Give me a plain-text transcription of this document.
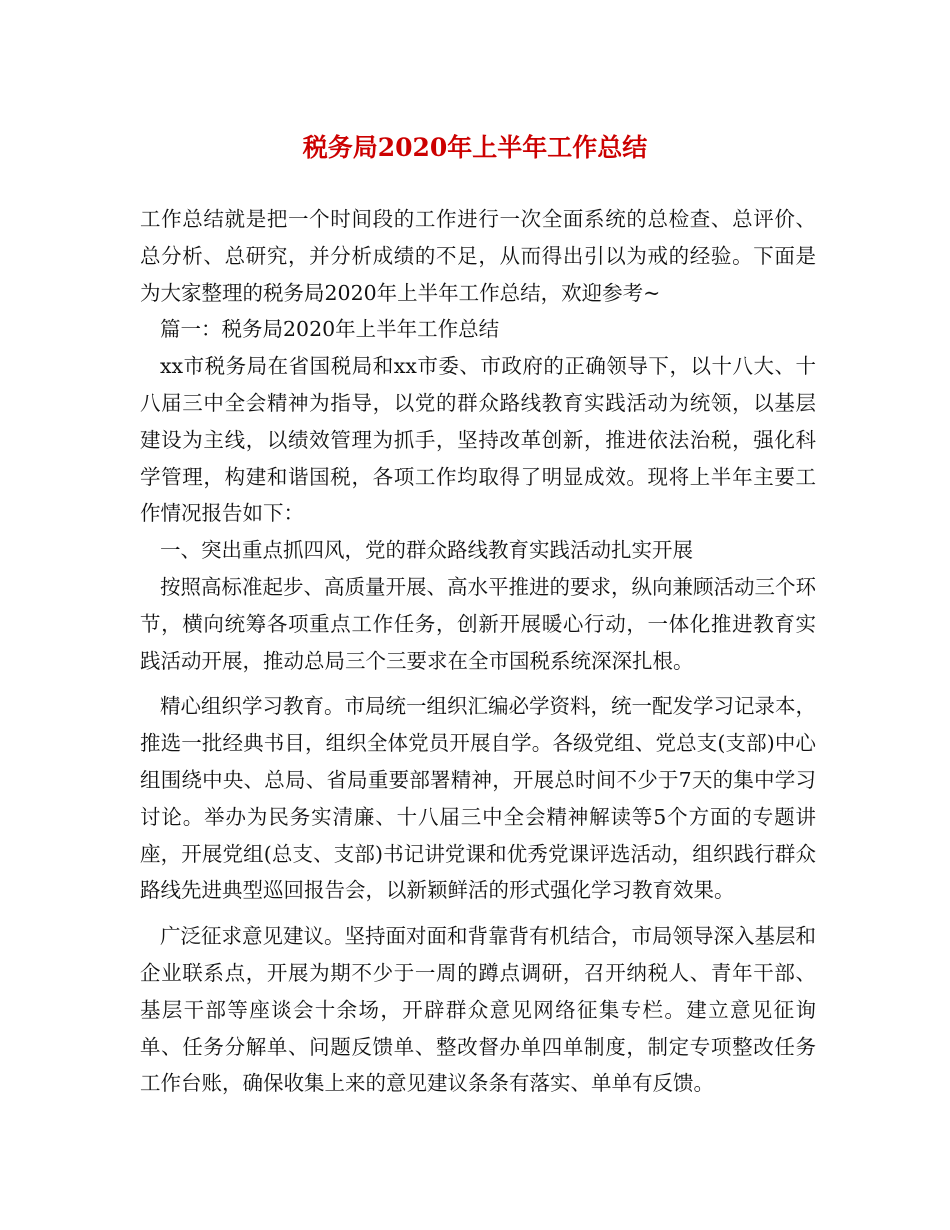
税务局2020年上半年工作总结

工作总结就是把一个时间段的工作进行一次全面系统的总检查、总评价、总分析、总研究，并分析成绩的不足，从而得出引以为戒的经验。下面是为大家整理的税务局2020年上半年工作总结，欢迎参考~

篇一：税务局2020年上半年工作总结

xx市税务局在省国税局和xx市委、市政府的正确领导下，以十八大、十八届三中全会精神为指导，以党的群众路线教育实践活动为统领，以基层建设为主线，以绩效管理为抓手，坚持改革创新，推进依法治税，强化科学管理，构建和谐国税，各项工作均取得了明显成效。现将上半年主要工作情况报告如下：

一、突出重点抓四风，党的群众路线教育实践活动扎实开展

按照高标准起步、高质量开展、高水平推进的要求，纵向兼顾活动三个环节，横向统筹各项重点工作任务，创新开展暖心行动，一体化推进教育实践活动开展，推动总局三个三要求在全市国税系统深深扎根。

精心组织学习教育。市局统一组织汇编必学资料，统一配发学习记录本，推选一批经典书目，组织全体党员开展自学。各级党组、党总支(支部)中心组围绕中央、总局、省局重要部署精神，开展总时间不少于7天的集中学习讨论。举办为民务实清廉、十八届三中全会精神解读等5个方面的专题讲座，开展党组(总支、支部)书记讲党课和优秀党课评选活动，组织践行群众路线先进典型巡回报告会，以新颖鲜活的形式强化学习教育效果。

广泛征求意见建议。坚持面对面和背靠背有机结合，市局领导深入基层和企业联系点，开展为期不少于一周的蹲点调研，召开纳税人、青年干部、基层干部等座谈会十余场，开辟群众意见网络征集专栏。建立意见征询单、任务分解单、问题反馈单、整改督办单四单制度，制定专项整改任务工作台账，确保收集上来的意见建议条条有落实、单单有反馈。
